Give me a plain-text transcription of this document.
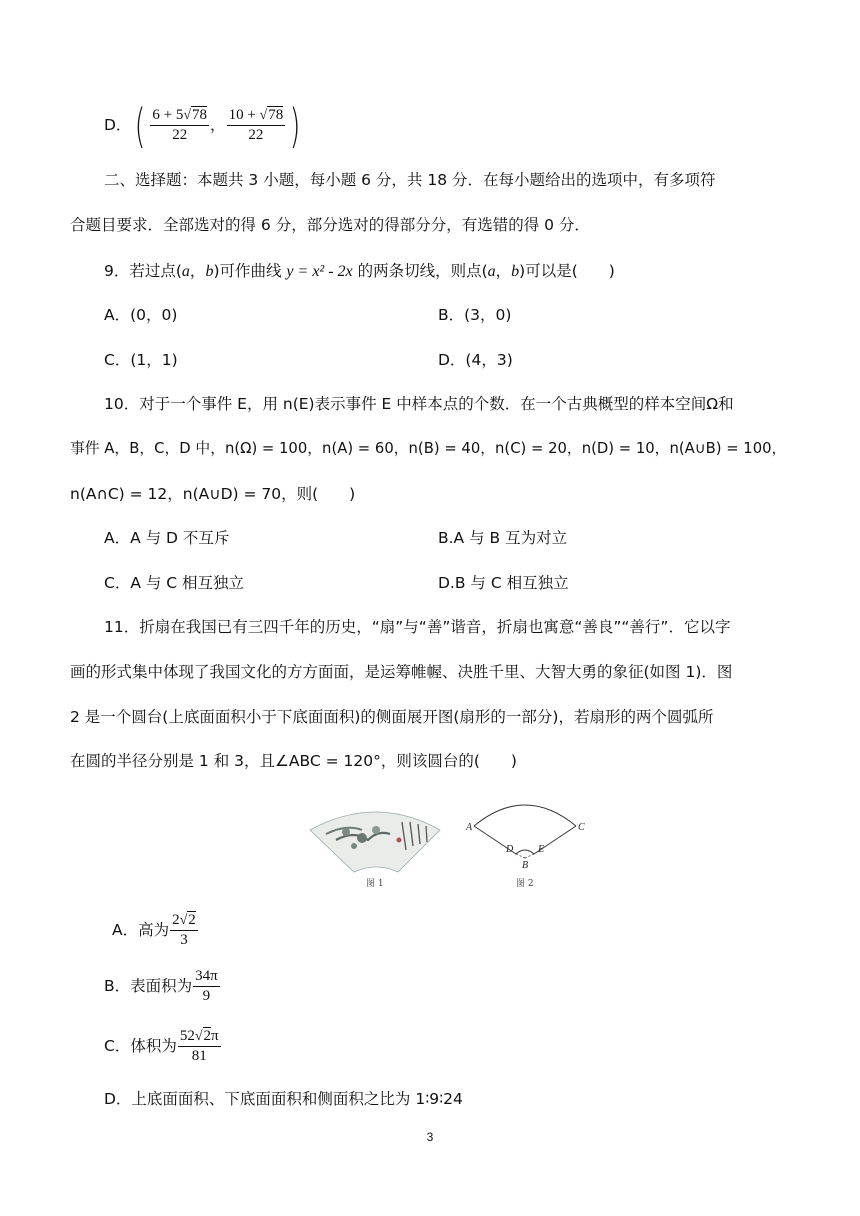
D．( $\frac{6 + 5√78}{22}$ ， $\frac{10 + √78}{22}$ )
二、选择题：本题共 3 小题，每小题 6 分，共 18 分．在每小题给出的选项中，有多项符
合题目要求．全部选对的得 6 分，部分选对的得部分分，有选错的得 0 分．
9．若过点(a，b)可作曲线 y = x² - 2x 的两条切线，则点(a，b)可以是(　　)
A．(0，0)	B．(3，0)
C．(1，1)	D．(4，3)
10．对于一个事件 E，用 n(E)表示事件 E 中样本点的个数．在一个古典概型的样本空间Ω和
事件 A，B，C，D 中，n(Ω) = 100，n(A) = 60，n(B) = 40，n(C) = 20，n(D) = 10，n(A∪B) = 100，
n(A∩C) = 12，n(A∪D) = 70，则(　　)
A．A 与 D 不互斥	B.A 与 B 互为对立
C．A 与 C 相互独立	D.B 与 C 相互独立
11．折扇在我国已有三四千年的历史，“扇”与“善”谐音，折扇也寓意“善良”“善行”．它以字
画的形式集中体现了我国文化的方方面面，是运筹帷幄、决胜千里、大智大勇的象征(如图 1)．图
2 是一个圆台(上底面面积小于下底面面积)的侧面展开图(扇形的一部分)，若扇形的两个圆弧所
在圆的半径分别是 1 和 3，且∠ABC = 120°，则该圆台的(　　)
图 1
A	C
D E
B
图 2
A．高为 $\frac{2√2}{3}$
B．表面积为 $\frac{34\pi}{9}$
C．体积为 $\frac{52√2\pi}{81}$
D．上底面面积、下底面面积和侧面积之比为 1∶9∶24
3
